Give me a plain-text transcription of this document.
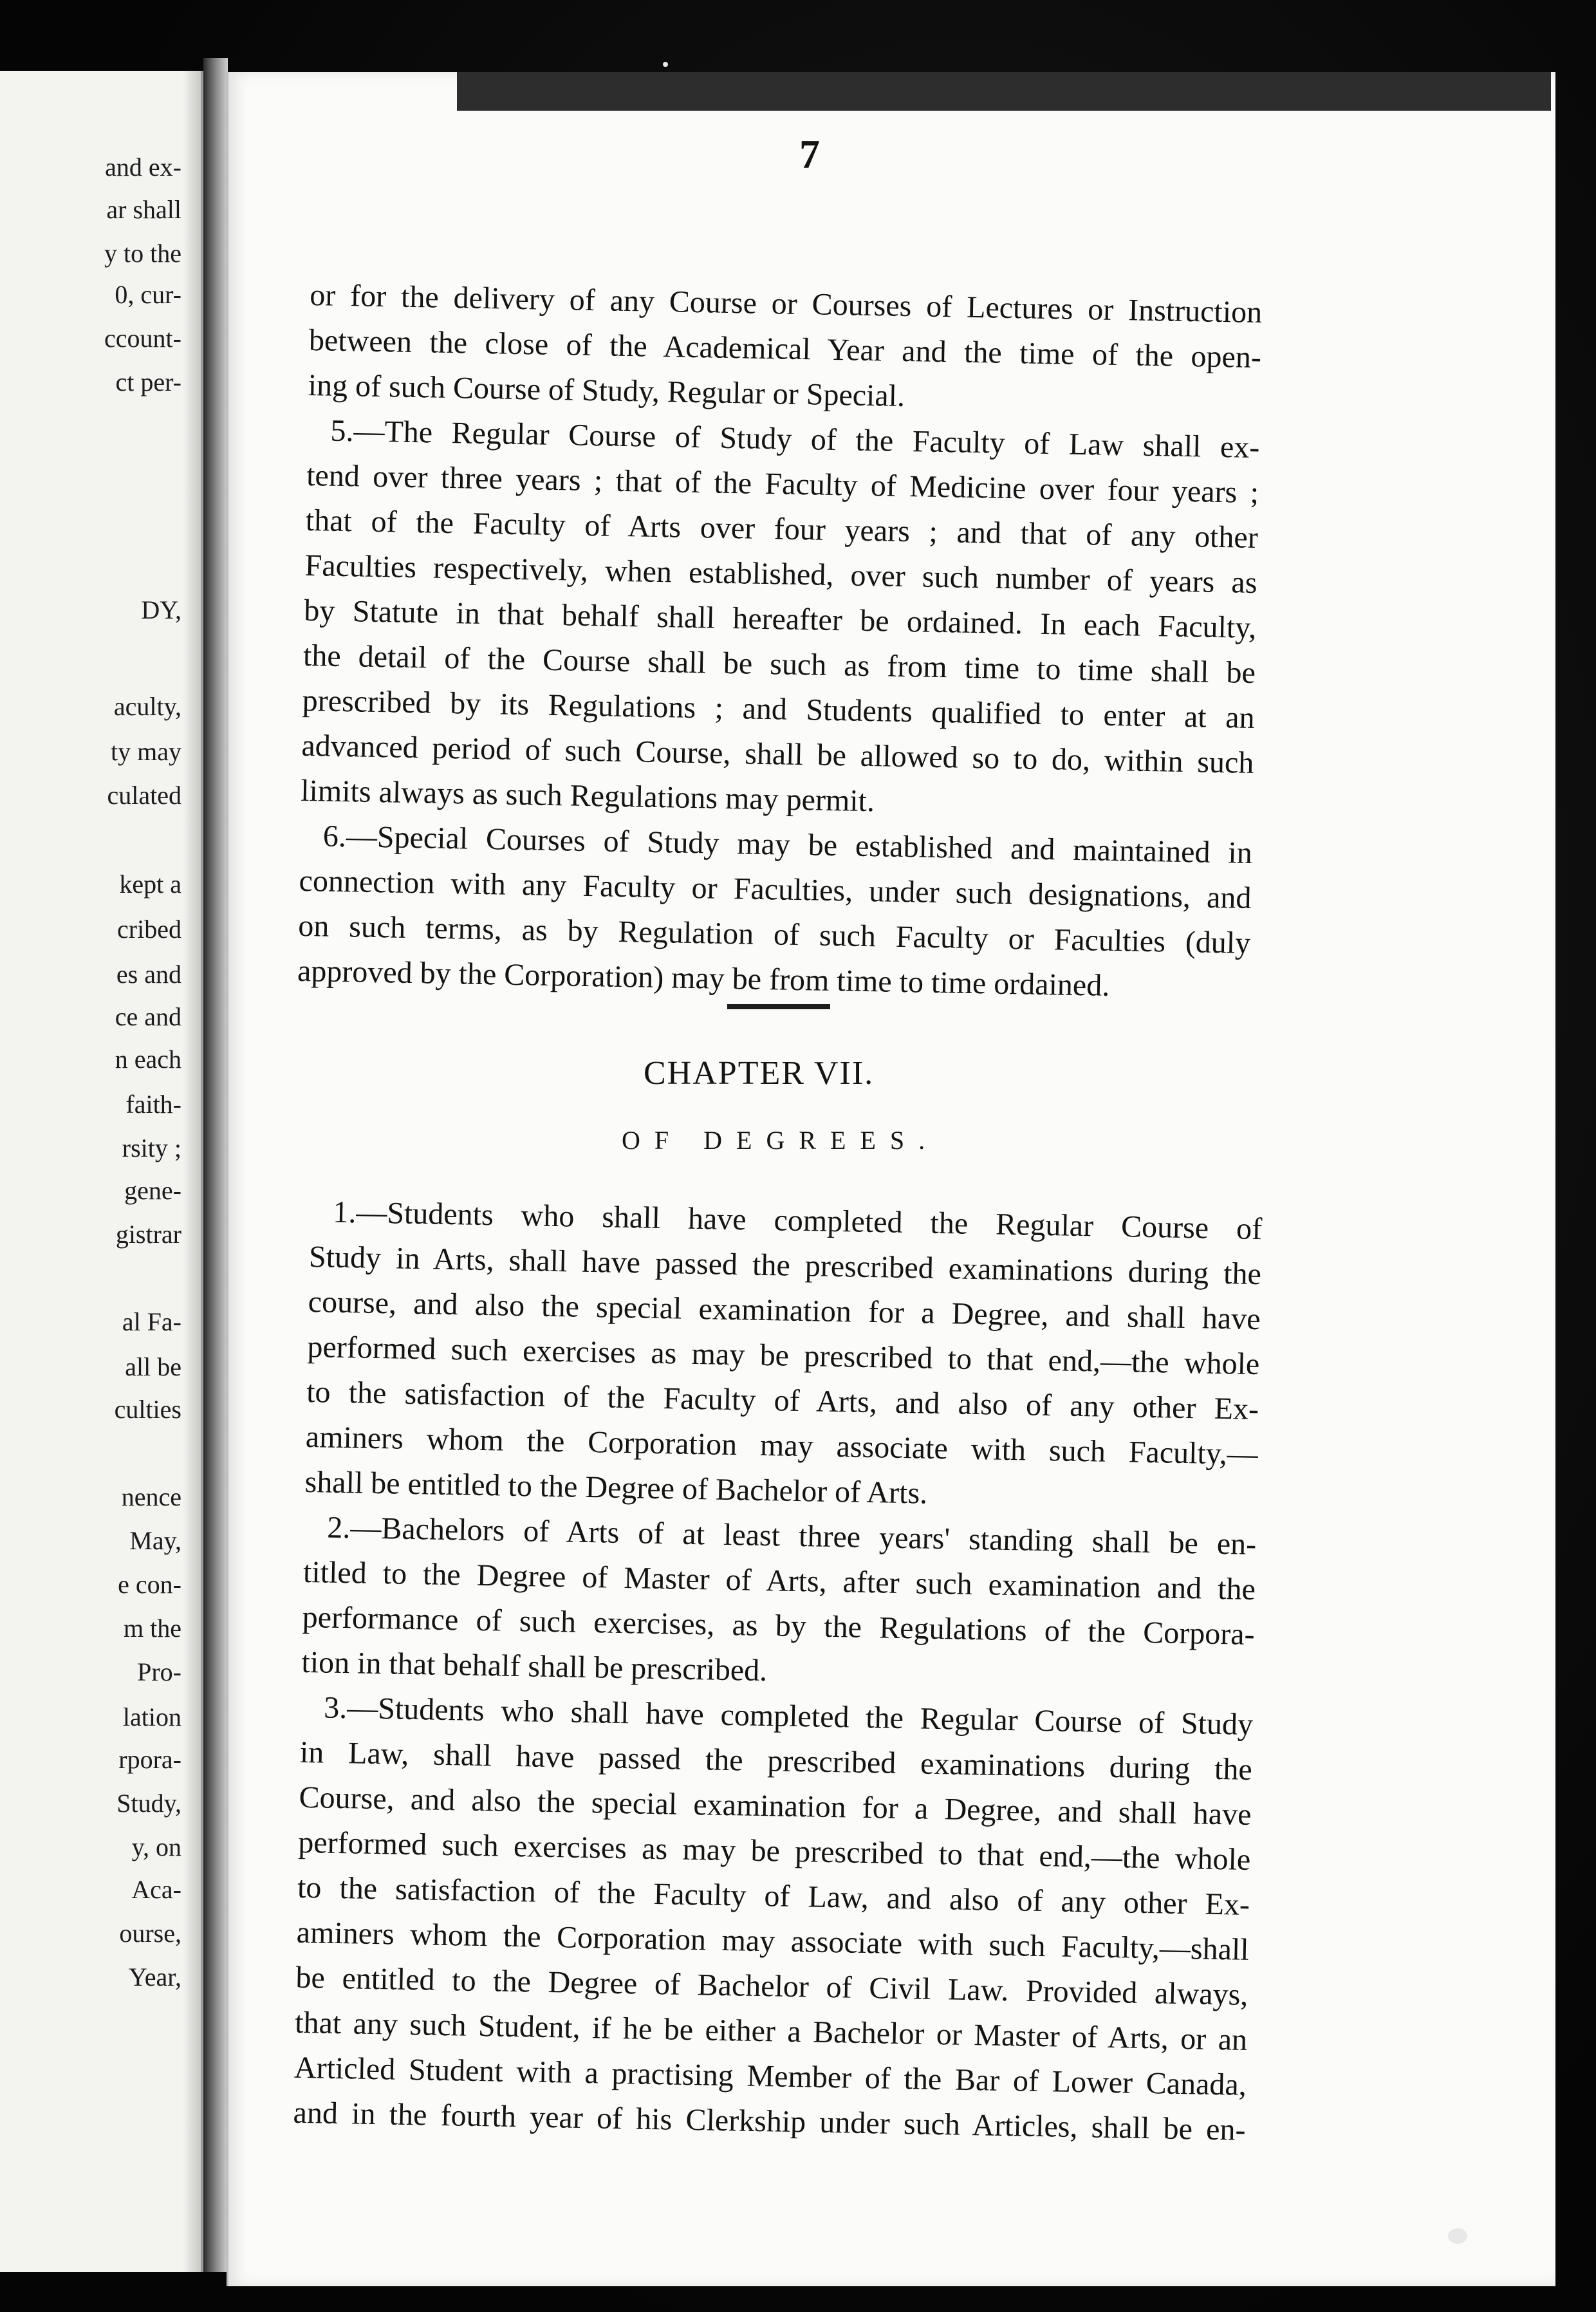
and ex-
ar shall
y to the
0, cur-
ccount-
ct per-
DY,
aculty,
ty may
culated
kept a
cribed
es and
ce and
n each
faith-
rsity ;
gene-
gistrar
al Fa-
all be
culties
nence
May,
e con-
m the
Pro-
lation
rpora-
Study,
y, on
Aca-
ourse,
Year,
7
or for the delivery of any Course or Courses of Lectures or Instruction
between the close of the Academical Year and the time of the open-
ing of such Course of Study, Regular or Special.
5.—The Regular Course of Study of the Faculty of Law shall ex-
tend over three years ; that of the Faculty of Medicine over four years ;
that of the Faculty of Arts over four years ; and that of any other
Faculties respectively, when established, over such number of years as
by Statute in that behalf shall hereafter be ordained. In each Faculty,
the detail of the Course shall be such as from time to time shall be
prescribed by its Regulations ; and Students qualified to enter at an
advanced period of such Course, shall be allowed so to do, within such
limits always as such Regulations may permit.
6.—Special Courses of Study may be established and maintained in
connection with any Faculty or Faculties, under such designations, and
on such terms, as by Regulation of such Faculty or Faculties (duly
approved by the Corporation) may be from time to time ordained.
CHAPTER VII.
OF DEGREES.
1.—Students who shall have completed the Regular Course of
Study in Arts, shall have passed the prescribed examinations during the
course, and also the special examination for a Degree, and shall have
performed such exercises as may be prescribed to that end,—the whole
to the satisfaction of the Faculty of Arts, and also of any other Ex-
aminers whom the Corporation may associate with such Faculty,—
shall be entitled to the Degree of Bachelor of Arts.
2.—Bachelors of Arts of at least three years' standing shall be en-
titled to the Degree of Master of Arts, after such examination and the
performance of such exercises, as by the Regulations of the Corpora-
tion in that behalf shall be prescribed.
3.—Students who shall have completed the Regular Course of Study
in Law, shall have passed the prescribed examinations during the
Course, and also the special examination for a Degree, and shall have
performed such exercises as may be prescribed to that end,—the whole
to the satisfaction of the Faculty of Law, and also of any other Ex-
aminers whom the Corporation may associate with such Faculty,—shall
be entitled to the Degree of Bachelor of Civil Law. Provided always,
that any such Student, if he be either a Bachelor or Master of Arts, or an
Articled Student with a practising Member of the Bar of Lower Canada,
and in the fourth year of his Clerkship under such Articles, shall be en-
